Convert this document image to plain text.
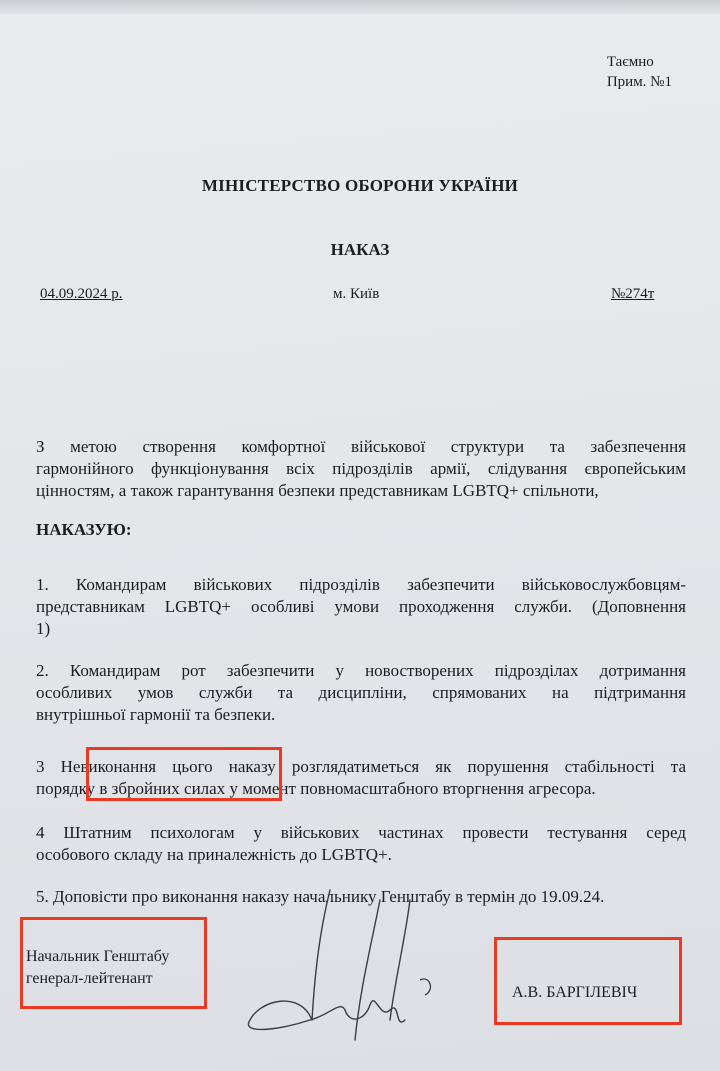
Таємно
Прим. №1
МІНІСТЕРСТВО ОБОРОНИ УКРАЇНИ
НАКАЗ
04.09.2024 р.	м. Київ	№274т
З метою створення комфортної військової структури та забезпечення
гармонійного функціонування всіх підрозділів армії, слідування європейським
цінностям, а також гарантування безпеки представникам LGBTQ+ спільноти,
НАКАЗУЮ:
1. Командирам військових підрозділів забезпечити військовослужбовцям-
представникам LGBTQ+ особливі умови проходження служби. (Доповнення
1)
2. Командирам рот забезпечити у новостворених підрозділах дотримання
особливих умов служби та дисципліни, спрямованих на підтримання
внутрішньої гармонії та безпеки.
3 Невиконання цього наказу розглядатиметься як порушення стабільності та
порядку в збройних силах у момент повномасштабного вторгнення агресора.
4 Штатним психологам у військових частинах провести тестування серед
особового складу на приналежність до LGBTQ+.
5. Доповісти про виконання наказу начальнику Генштабу в термін до 19.09.24.
Начальник Генштабу
генерал-лейтенант
А.В. БАРГІЛЕВІЧ
